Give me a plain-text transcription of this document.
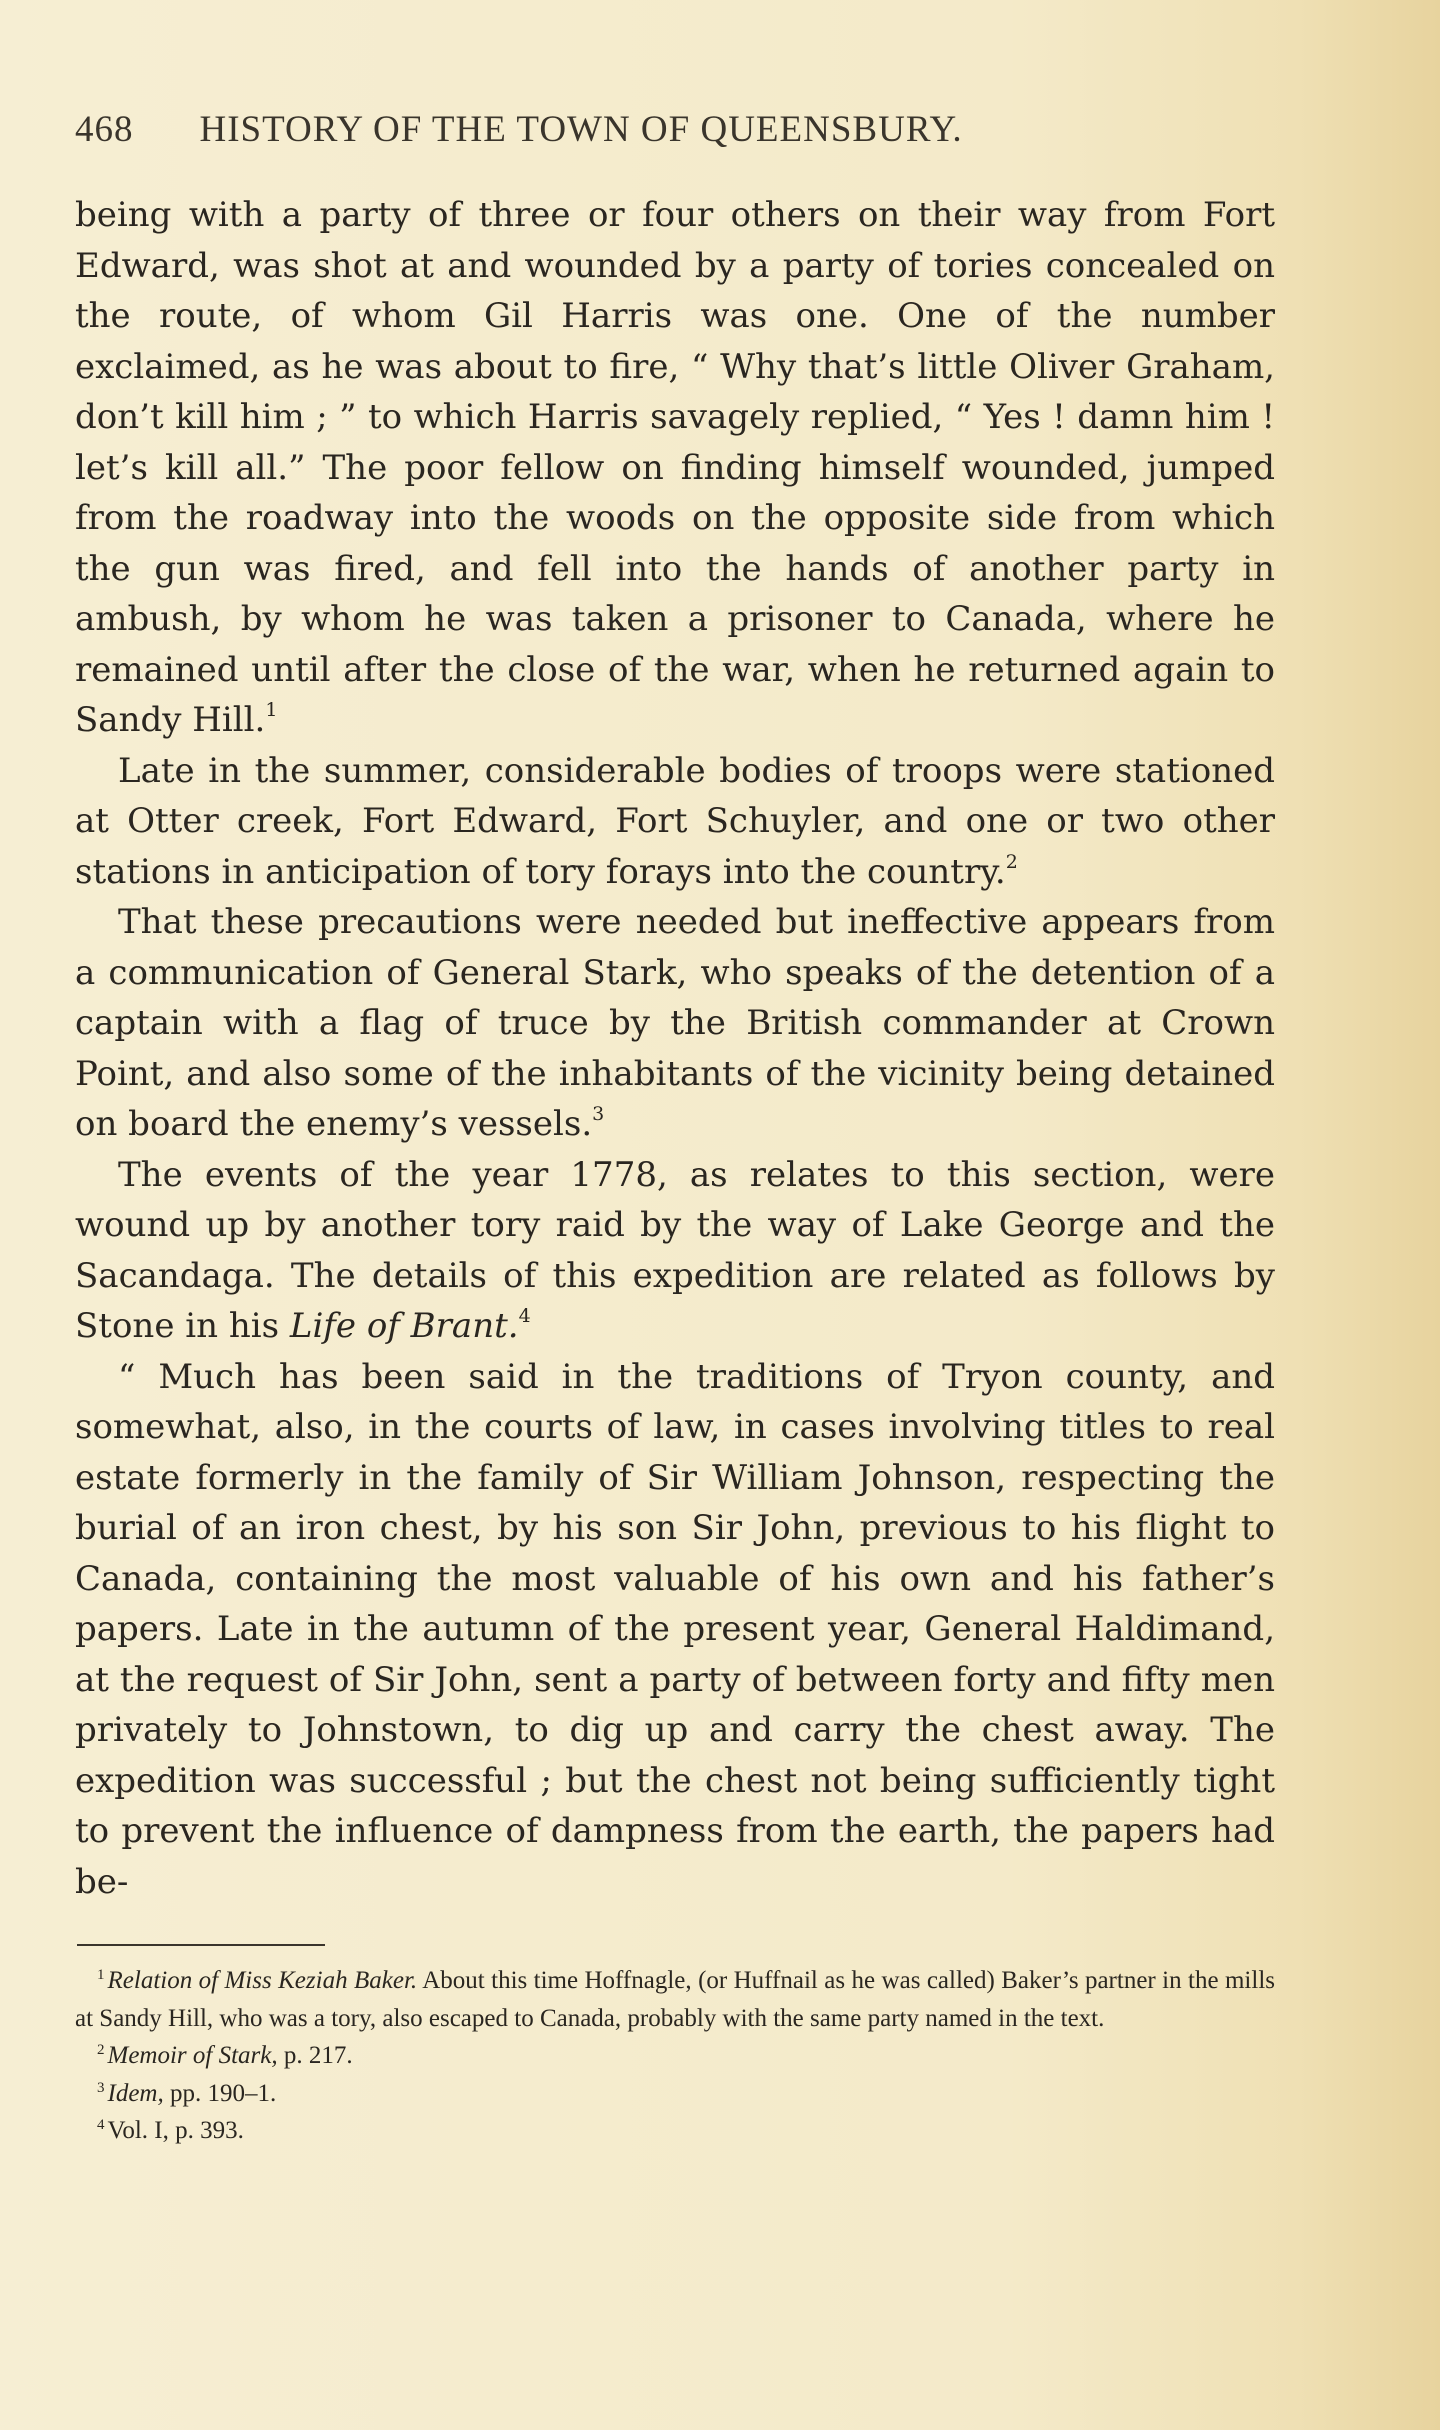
468 HISTORY OF THE TOWN OF QUEENSBURY.

being with a party of three or four others on their way from Fort Edward, was shot at and wounded by a party of tories concealed on the route, of whom Gil Harris was one. One of the number exclaimed, as he was about to fire, “ Why that’s little Oliver Graham, don’t kill him ; ” to which Harris savagely replied, “ Yes ! damn him ! let’s kill all.” The poor fellow on finding himself wounded, jumped from the roadway into the woods on the opposite side from which the gun was fired, and fell into the hands of another party in ambush, by whom he was taken a prisoner to Canada, where he remained until after the close of the war, when he returned again to Sandy Hill.$^1$

Late in the summer, considerable bodies of troops were stationed at Otter creek, Fort Edward, Fort Schuyler, and one or two other stations in anticipation of tory forays into the country.$^2$

That these precautions were needed but ineffective appears from a communication of General Stark, who speaks of the detention of a captain with a flag of truce by the British commander at Crown Point, and also some of the inhabitants of the vicinity being detained on board the enemy’s vessels.$^3$

The events of the year 1778, as relates to this section, were wound up by another tory raid by the way of Lake George and the Sacandaga. The details of this expedition are related as follows by Stone in his Life of Brant.$^4$

“ Much has been said in the traditions of Tryon county, and somewhat, also, in the courts of law, in cases involving titles to real estate formerly in the family of Sir William Johnson, respecting the burial of an iron chest, by his son Sir John, previous to his flight to Canada, containing the most valuable of his own and his father’s papers. Late in the autumn of the present year, General Haldimand, at the request of Sir John, sent a party of between forty and fifty men privately to Johnstown, to dig up and carry the chest away. The expedition was successful ; but the chest not being sufficiently tight to prevent the influence of dampness from the earth, the papers had be-

$^1$ Relation of Miss Keziah Baker. About this time Hoffnagle, (or Huffnail as he was called) Baker’s partner in the mills at Sandy Hill, who was a tory, also escaped to Canada, probably with the same party named in the text.

$^2$ Memoir of Stark, p. 217.

$^3$ Idem, pp. 190–1.

$^4$ Vol. I, p. 393.
